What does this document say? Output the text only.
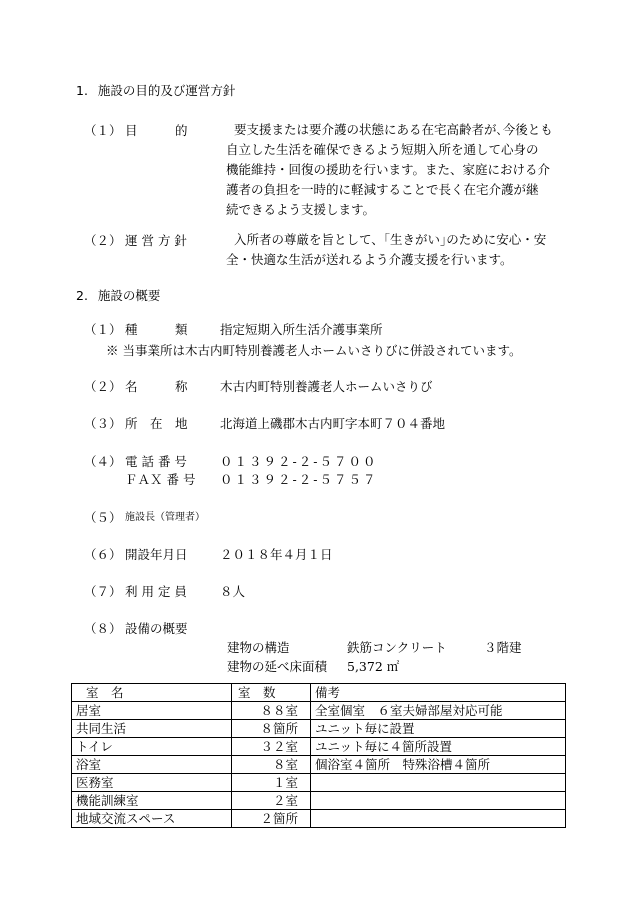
1. 施設の目的及び運営方針
（１） 目　　　的	要支援または要介護の状態にある在宅高齢者が､今後とも
自立した生活を確保できるよう短期入所を通して心身の
機能維持・回復の援助を行います。また、家庭における介
護者の負担を一時的に軽減することで長く在宅介護が継
続できるよう支援します。
（２） 運 営 方 針	入所者の尊厳を旨として、｢生きがい｣のために安心・安
全・快適な生活が送れるよう介護支援を行います。
2. 施設の概要
（１） 種　　　類	指定短期入所生活介護事業所
※ 当事業所は木古内町特別養護老人ホームいさりびに併設されています。
（２） 名　　　称	木古内町特別養護老人ホームいさりび
（３） 所　在　地	北海道上磯郡木古内町字本町７０４番地
（４） 電 話 番 号	０１３９２-２-５７００
ＦＡＸ 番 号 ０１３９２-２-５７５７
（５） 施設長（管理者）
（６） 開設年月日	２０１８年４月１日
（７） 利 用 定 員	８人
（８） 設備の概要
建物の構造	鉄筋コンクリート	３階建
建物の延べ床面積 5,372 ㎡
室　名	室　数	備考
居室	８８室	全室個室　６室夫婦部屋対応可能
共同生活	８箇所	ユニット毎に設置
トイレ	３２室	ユニット毎に４箇所設置
浴室	８室	個浴室４箇所　特殊浴槽４箇所
医務室	１室	
機能訓練室	２室	
地域交流スペース	２箇所	
